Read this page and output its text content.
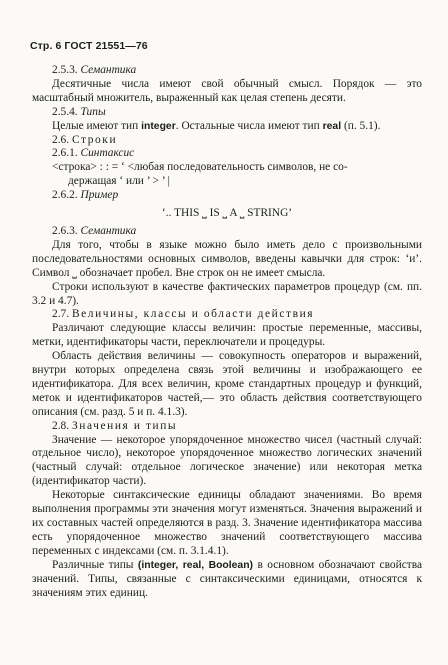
Стр. 6 ГОСТ 21551—76

2.5.3. Семантика

Десятичные числа имеют свой обычный смысл. Порядок — это масштабный множитель, выраженный как целая степень десяти.

2.5.4. Типы

Целые имеют тип integer. Остальные числа имеют тип real (п. 5.1).

2.6. Строки

2.6.1. Синтаксис

<строка> : : = ‘ <любая последовательность символов, не со-

держащая ‘ или ’ > ’ |

2.6.2. Пример

‘.. THIS ⎵ IS ⎵ A ⎵ STRING’

2.6.3. Семантика

Для того, чтобы в языке можно было иметь дело с произвольными последовательностями основных символов, введены кавычки для строк: ‘и’. Символ ⎵ обозначает пробел. Вне строк он не имеет смысла.

Строки используют в качестве фактических параметров процедур (см. пп. 3.2 и 4.7).

2.7. Величины, классы и области действия

Различают следующие классы величин: простые переменные, массивы, метки, идентификаторы части, переключатели и процедуры.

Область действия величины — совокупность операторов и выражений, внутри которых определена связь этой величины и изображающего ее идентификатора. Для всех величин, кроме стандартных процедур и функций, меток и идентификаторов частей,— это область действия соответствующего описания (см. разд. 5 и п. 4.1.3).

2.8. Значения и типы

Значение — некоторое упорядоченное множество чисел (частный случай: отдельное число), некоторое упорядоченное множество логических значений (частный случай: отдельное логическое значение) или некоторая метка (идентификатор части).

Некоторые синтаксические единицы обладают значениями. Во время выполнения программы эти значения могут изменяться. Значения выражений и их составных частей определяются в разд. 3. Значение идентификатора массива есть упорядоченное множество значений соответствующего массива переменных с индексами (см. п. 3.1.4.1).

Различные типы (integer, real, Boolean) в основном обозначают свойства значений. Типы, связанные с синтаксическими единицами, относятся к значениям этих единиц.
